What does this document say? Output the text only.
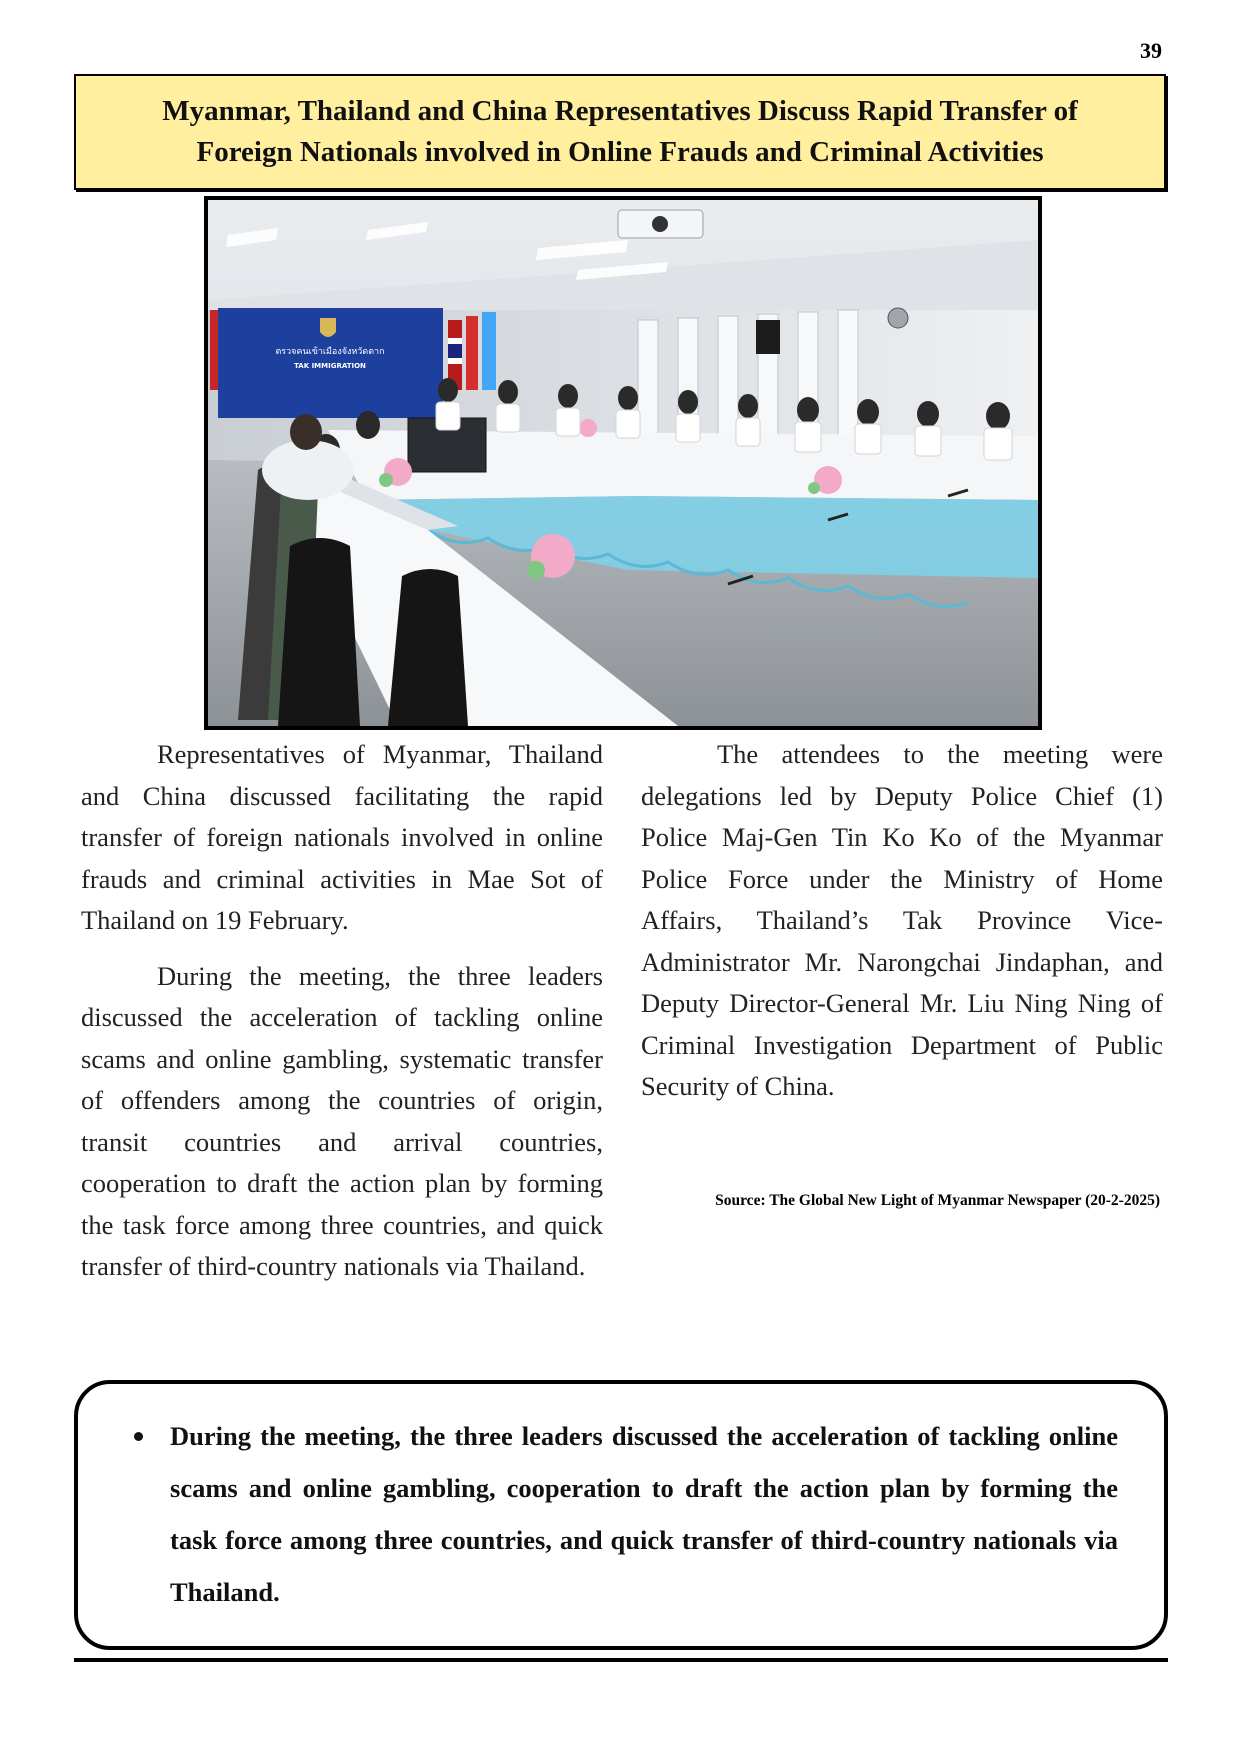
39
Myanmar, Thailand and China Representatives Discuss Rapid Transfer of
Foreign Nationals involved in Online Frauds and Criminal Activities
ตรวจคนเข้าเมืองจังหวัดตาก
TAK IMMIGRATION

Representatives of Myanmar, Thailand and China discussed facilitating the rapid transfer of foreign nationals involved in online frauds and criminal activities in Mae Sot of Thailand on 19 February.

During the meeting, the three leaders discussed the acceleration of tackling online scams and online gambling, systematic transfer of offenders among the countries of origin, transit countries and arrival countries, cooperation to draft the action plan by forming the task force among three countries, and quick transfer of third-country nationals via Thailand.

The attendees to the meeting were delegations led by Deputy Police Chief (1) Police Maj-Gen Tin Ko Ko of the Myanmar Police Force under the Ministry of Home Affairs, Thailand’s Tak Province Vice-Administrator Mr. Narongchai Jindaphan, and Deputy Director-General Mr. Liu Ning Ning of Criminal Investigation Department of Public Security of China.

Source: The Global New Light of Myanmar Newspaper (20-2-2025)
During the meeting, the three leaders discussed the acceleration of tackling online scams and online gambling, cooperation to draft the action plan by forming the task force among three countries, and quick transfer of third-country nationals via Thailand.
